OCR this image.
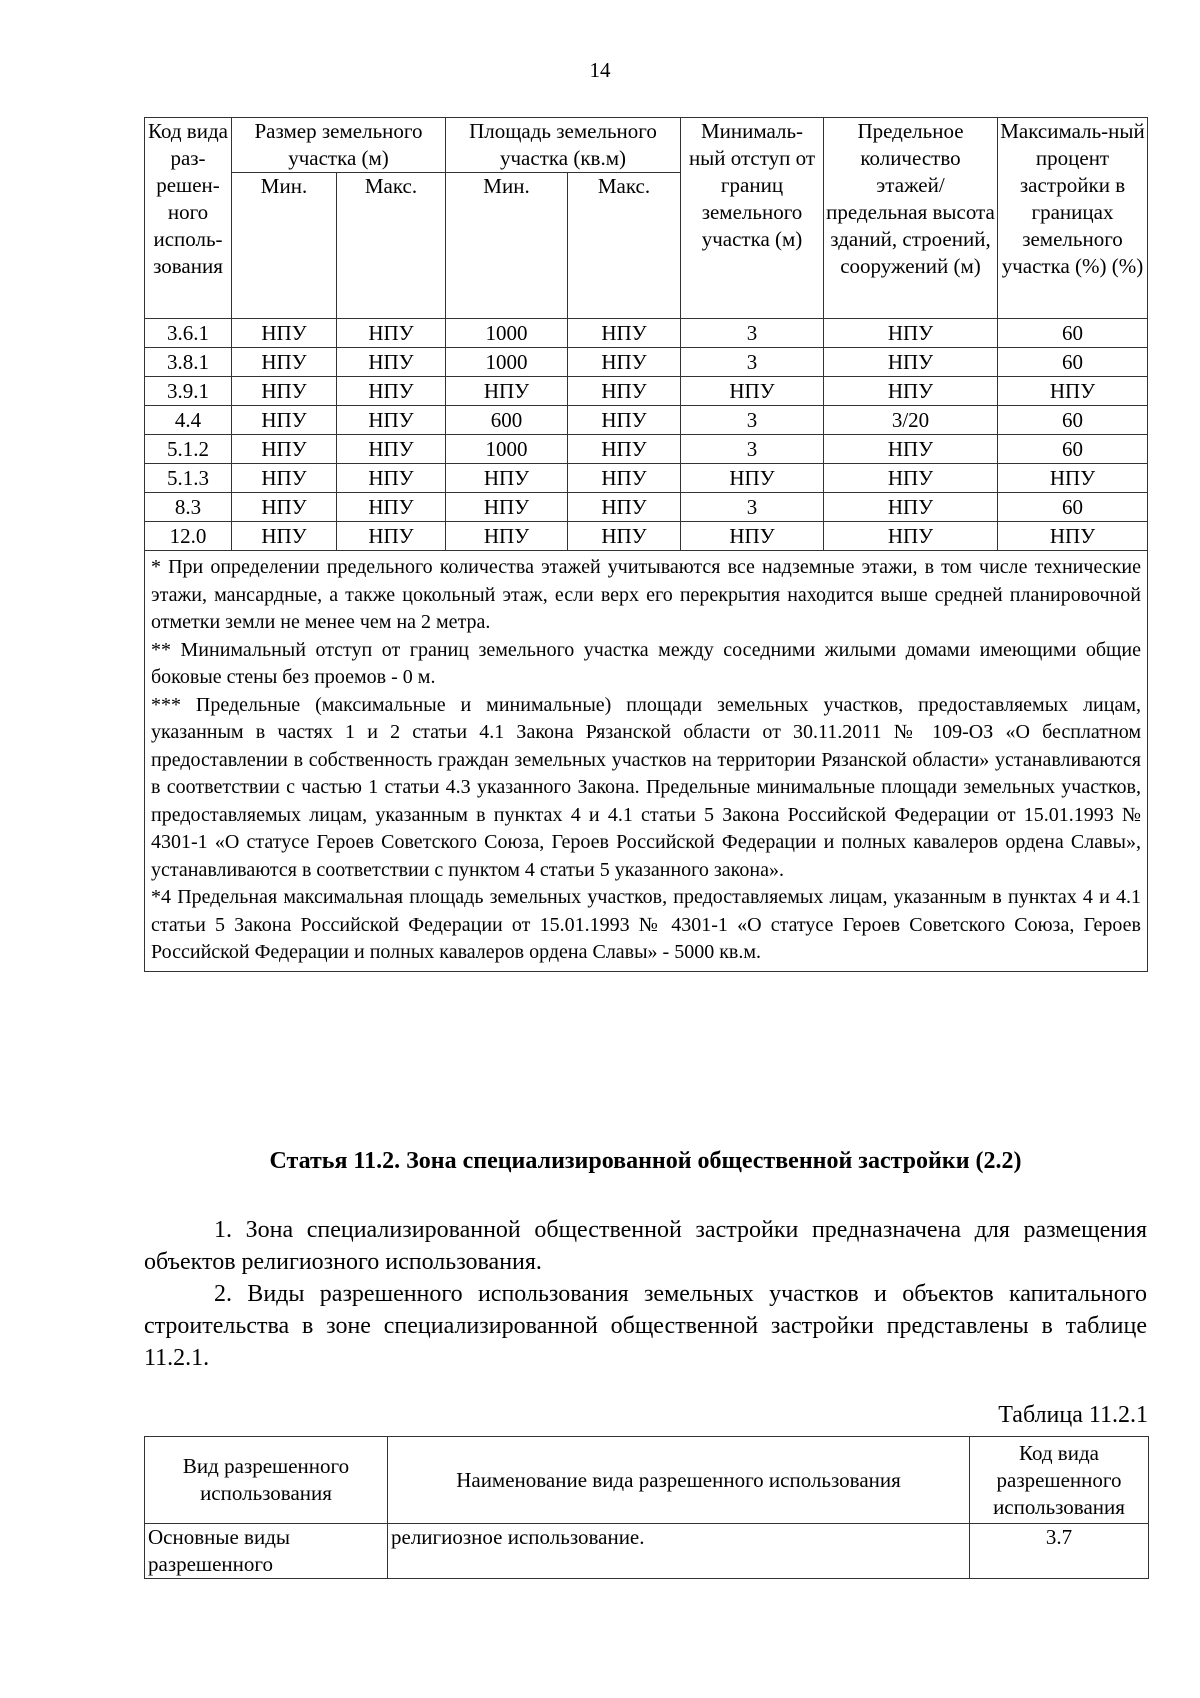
14
Код вида раз-решен-ного исполь-зования	Размер земельного участка (м)		Площадь земельного участка (кв.м)		Минималь-ный отступ от границ земельного участка (м)	Предельное количество этажей/ предельная высота зданий, строений, сооружений (м)	Максималь-ный процент застройки в границах земельного участка (%) (%)
	Мин.	Макс.	Мин.	Макс.			
3.6.1	НПУ	НПУ	1000	НПУ	3	НПУ	60
3.8.1	НПУ	НПУ	1000	НПУ	3	НПУ	60
3.9.1	НПУ	НПУ	НПУ	НПУ	НПУ	НПУ	НПУ
4.4	НПУ	НПУ	600	НПУ	3	3/20	60
5.1.2	НПУ	НПУ	1000	НПУ	3	НПУ	60
5.1.3	НПУ	НПУ	НПУ	НПУ	НПУ	НПУ	НПУ
8.3	НПУ	НПУ	НПУ	НПУ	3	НПУ	60
12.0	НПУ	НПУ	НПУ	НПУ	НПУ	НПУ	НПУ

* При определении предельного количества этажей учитываются все надземные этажи, в том числе технические этажи, мансардные, а также цокольный этаж, если верх его перекрытия находится выше средней планировочной отметки земли не менее чем на 2 метра.

** Минимальный отступ от границ земельного участка между соседними жилыми домами имеющими общие боковые стены без проемов - 0 м.

*** Предельные (максимальные и минимальные) площади земельных участков, предоставляемых лицам, указанным в частях 1 и 2 статьи 4.1 Закона Рязанской области от 30.11.2011 № 109-ОЗ «О бесплатном предоставлении в собственность граждан земельных участков на территории Рязанской области» устанавливаются в соответствии с частью 1 статьи 4.3 указанного Закона. Предельные минимальные площади земельных участков, предоставляемых лицам, указанным в пунктах 4 и 4.1 статьи 5 Закона Российской Федерации от 15.01.1993 № 4301-1 «О статусе Героев Советского Союза, Героев Российской Федерации и полных кавалеров ордена Славы», устанавливаются в соответствии с пунктом 4 статьи 5 указанного закона».

*4 Предельная максимальная площадь земельных участков, предоставляемых лицам, указанным в пунктах 4 и 4.1 статьи 5 Закона Российской Федерации от 15.01.1993 № 4301-1 «О статусе Героев Советского Союза, Героев Российской Федерации и полных кавалеров ордена Славы» - 5000 кв.м.							

Статья 11.2. Зона специализированной общественной застройки (2.2)

1. Зона специализированной общественной застройки предназначена для размещения объектов религиозного использования.

2. Виды разрешенного использования земельных участков и объектов капитального строительства в зоне специализированной общественной застройки представлены в таблице 11.2.1.

Таблица 11.2.1
Вид разрешенного использования	Наименование вида разрешенного использования	Код вида разрешенного использования
Основные виды разрешенного	религиозное использование.	3.7
